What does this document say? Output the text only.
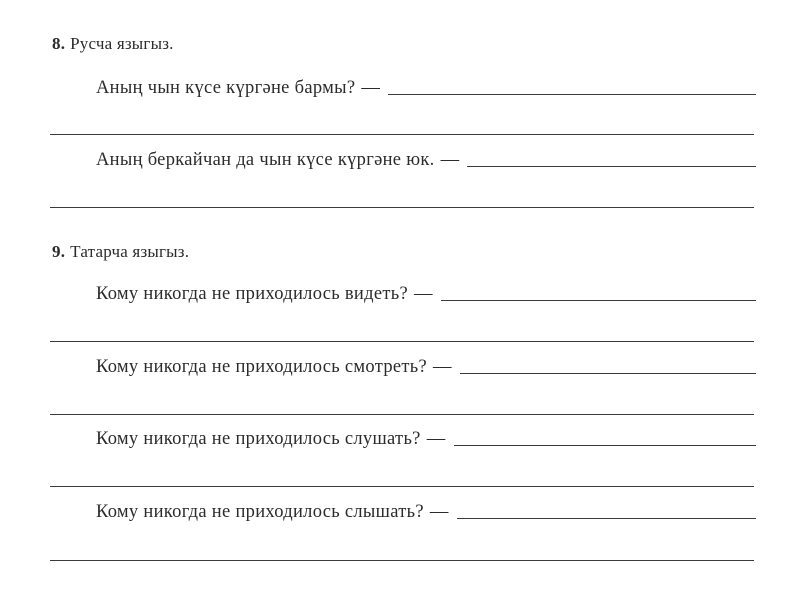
8. Русча языгыз.
Аның чын күсе күргәне бармы? —
Аның беркайчан да чын күсе күргәне юк. —
9. Татарча языгыз.
Кому никогда не приходилось видеть? —
Кому никогда не приходилось смотреть? —
Кому никогда не приходилось слушать? —
Кому никогда не приходилось слышать? —
